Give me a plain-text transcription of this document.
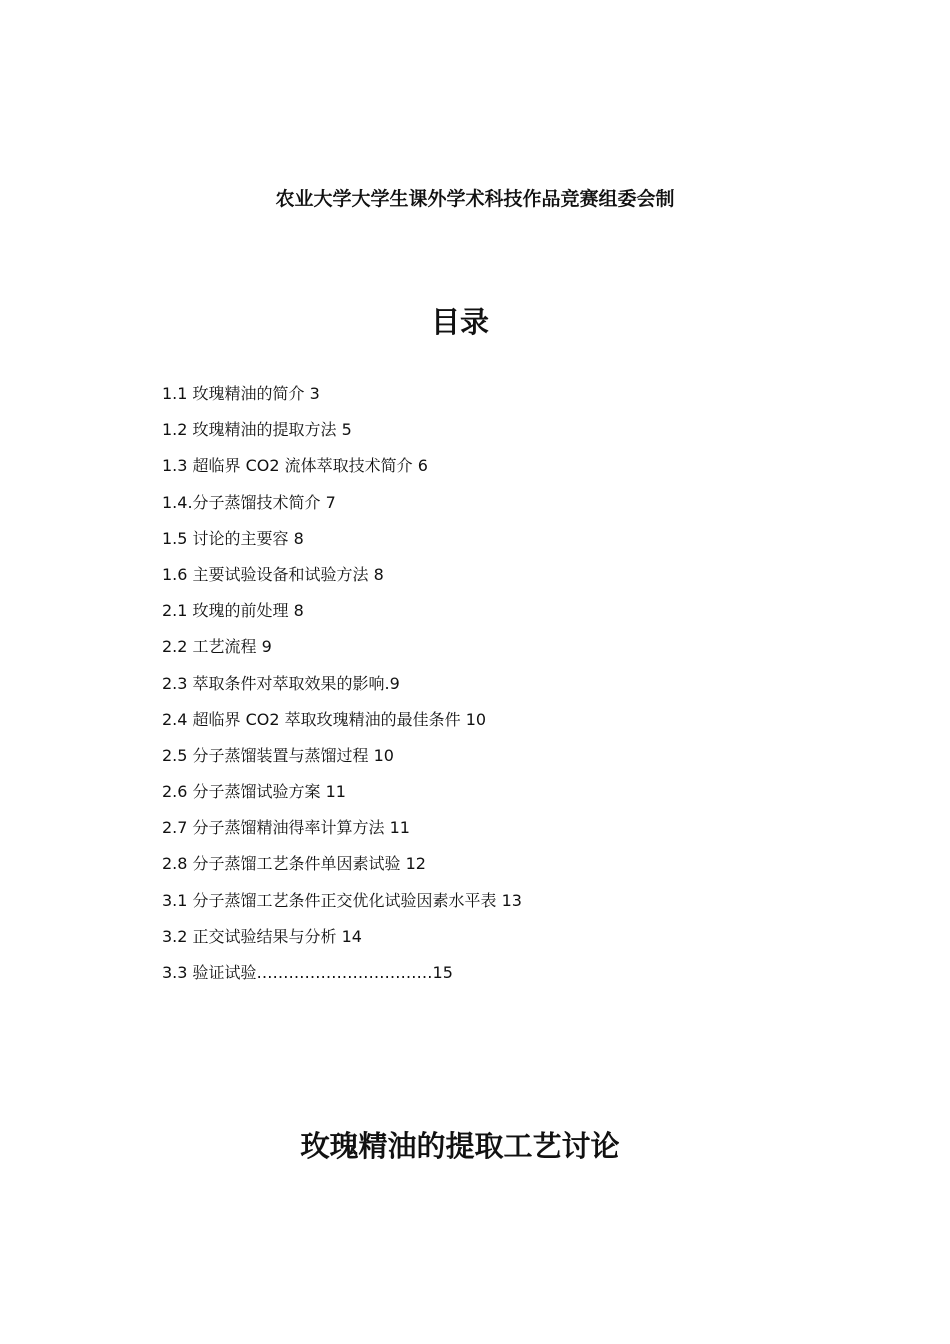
农业大学大学生课外学术科技作品竞赛组委会制
目录
1.1 玫瑰精油的简介 3
1.2 玫瑰精油的提取方法 5
1.3 超临界 CO2 流体萃取技术简介 6
1.4.分子蒸馏技术简介 7
1.5 讨论的主要容 8
1.6 主要试验设备和试验方法 8
2.1 玫瑰的前处理 8
2.2 工艺流程 9
2.3 萃取条件对萃取效果的影响.9
2.4 超临界 CO2 萃取玫瑰精油的最佳条件 10
2.5 分子蒸馏装置与蒸馏过程 10
2.6 分子蒸馏试验方案 11
2.7 分子蒸馏精油得率计算方法 11
2.8 分子蒸馏工艺条件单因素试验 12
3.1 分子蒸馏工艺条件正交优化试验因素水平表 13
3.2 正交试验结果与分析 14
3.3 验证试验……………………………15
玫瑰精油的提取工艺讨论
